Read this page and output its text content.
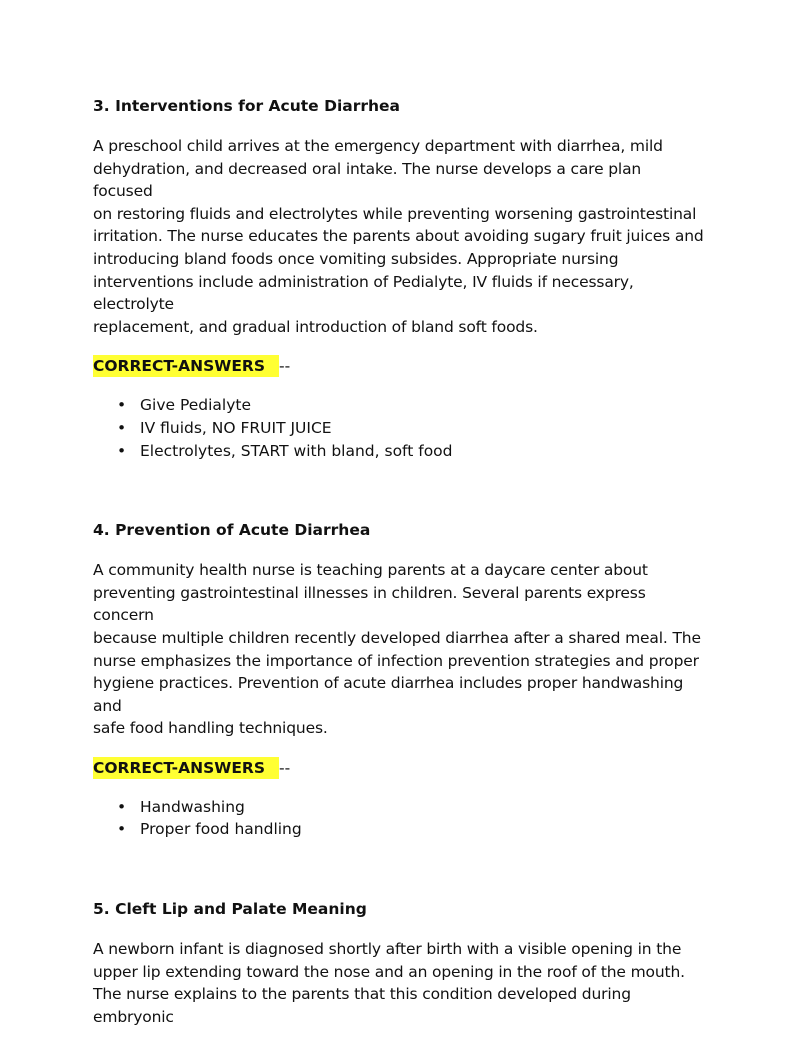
3. Interventions for Acute Diarrhea
A preschool child arrives at the emergency department with diarrhea, mild
dehydration, and decreased oral intake. The nurse develops a care plan focused
on restoring fluids and electrolytes while preventing worsening gastrointestinal
irritation. The nurse educates the parents about avoiding sugary fruit juices and
introducing bland foods once vomiting subsides. Appropriate nursing
interventions include administration of Pedialyte, IV fluids if necessary, electrolyte
replacement, and gradual introduction of bland soft foods.
CORRECT-ANSWERS --
• Give Pedialyte
• IV fluids, NO FRUIT JUICE
• Electrolytes, START with bland, soft food
4. Prevention of Acute Diarrhea
A community health nurse is teaching parents at a daycare center about
preventing gastrointestinal illnesses in children. Several parents express concern
because multiple children recently developed diarrhea after a shared meal. The
nurse emphasizes the importance of infection prevention strategies and proper
hygiene practices. Prevention of acute diarrhea includes proper handwashing and
safe food handling techniques.
CORRECT-ANSWERS --
• Handwashing
• Proper food handling
5. Cleft Lip and Palate Meaning
A newborn infant is diagnosed shortly after birth with a visible opening in the
upper lip extending toward the nose and an opening in the roof of the mouth.
The nurse explains to the parents that this condition developed during embryonic
